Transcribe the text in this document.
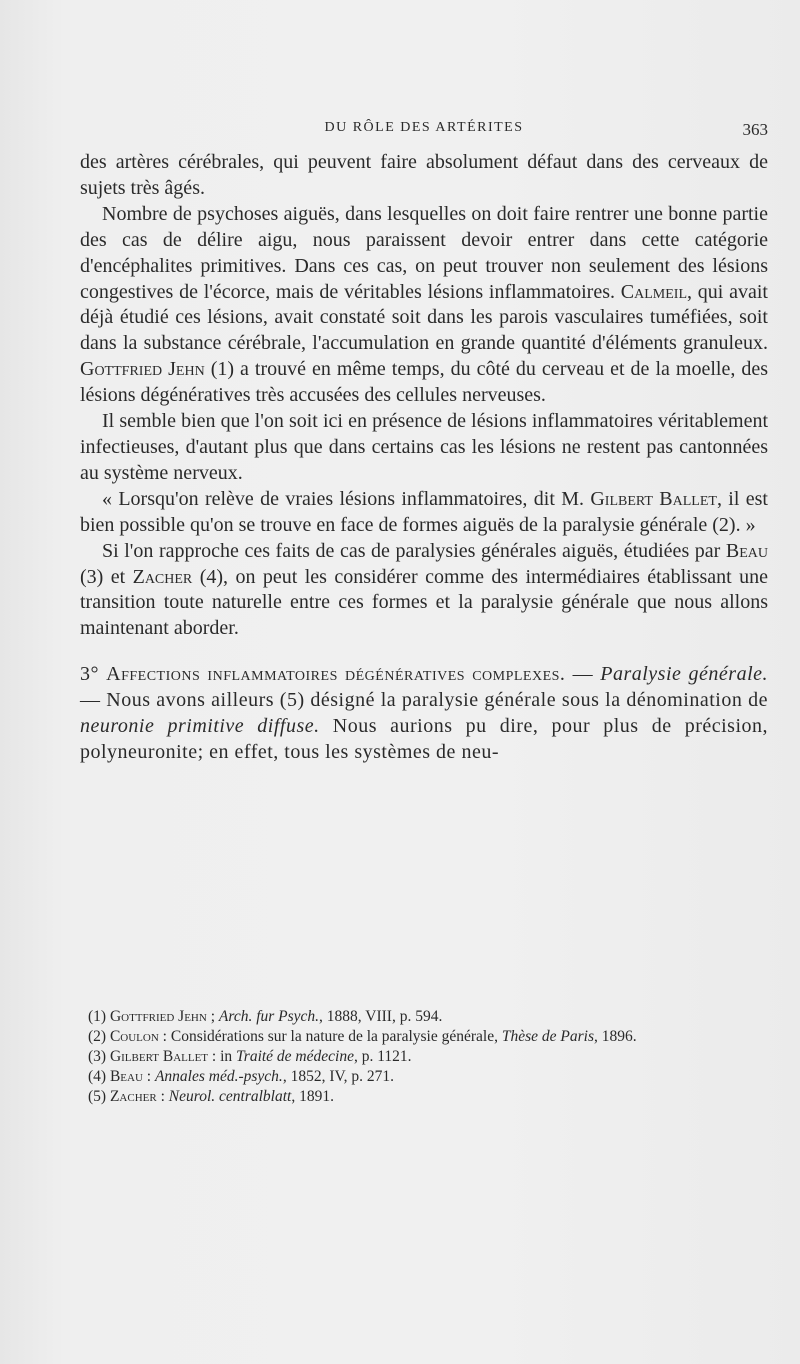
DU RÔLE DES ARTÉRITES	363

des artères cérébrales, qui peuvent faire absolument défaut dans des cerveaux de sujets très âgés.

Nombre de psychoses aiguës, dans lesquelles on doit faire rentrer une bonne partie des cas de délire aigu, nous paraissent devoir entrer dans cette catégorie d'encéphalites primitives. Dans ces cas, on peut trouver non seulement des lésions congestives de l'écorce, mais de véritables lésions inflammatoires. Calmeil, qui avait déjà étudié ces lésions, avait constaté soit dans les parois vasculaires tuméfiées, soit dans la substance cérébrale, l'accumulation en grande quantité d'éléments granuleux. Gottfried Jehn (1) a trouvé en même temps, du côté du cerveau et de la moelle, des lésions dégénératives très accusées des cellules nerveuses.

Il semble bien que l'on soit ici en présence de lésions inflammatoires véritablement infectieuses, d'autant plus que dans certains cas les lésions ne restent pas cantonnées au système nerveux.

« Lorsqu'on relève de vraies lésions inflammatoires, dit M. Gilbert Ballet, il est bien possible qu'on se trouve en face de formes aiguës de la paralysie générale (2). »

Si l'on rapproche ces faits de cas de paralysies générales aiguës, étudiées par Beau (3) et Zacher (4), on peut les considérer comme des intermédiaires établissant une transition toute naturelle entre ces formes et la paralysie générale que nous allons maintenant aborder.

3° Affections inflammatoires dégénératives complexes. — Paralysie générale. — Nous avons ailleurs (5) désigné la paralysie générale sous la dénomination de neuronie primitive diffuse. Nous aurions pu dire, pour plus de précision, polyneuronite; en effet, tous les systèmes de neu-

(1) Gottfried Jehn ; Arch. fur Psych., 1888, VIII, p. 594.

(2) Coulon : Considérations sur la nature de la paralysie générale, Thèse de Paris, 1896.

(3) Gilbert Ballet : in Traité de médecine, p. 1121.

(4) Beau : Annales méd.-psych., 1852, IV, p. 271.

(5) Zacher : Neurol. centralblatt, 1891.
